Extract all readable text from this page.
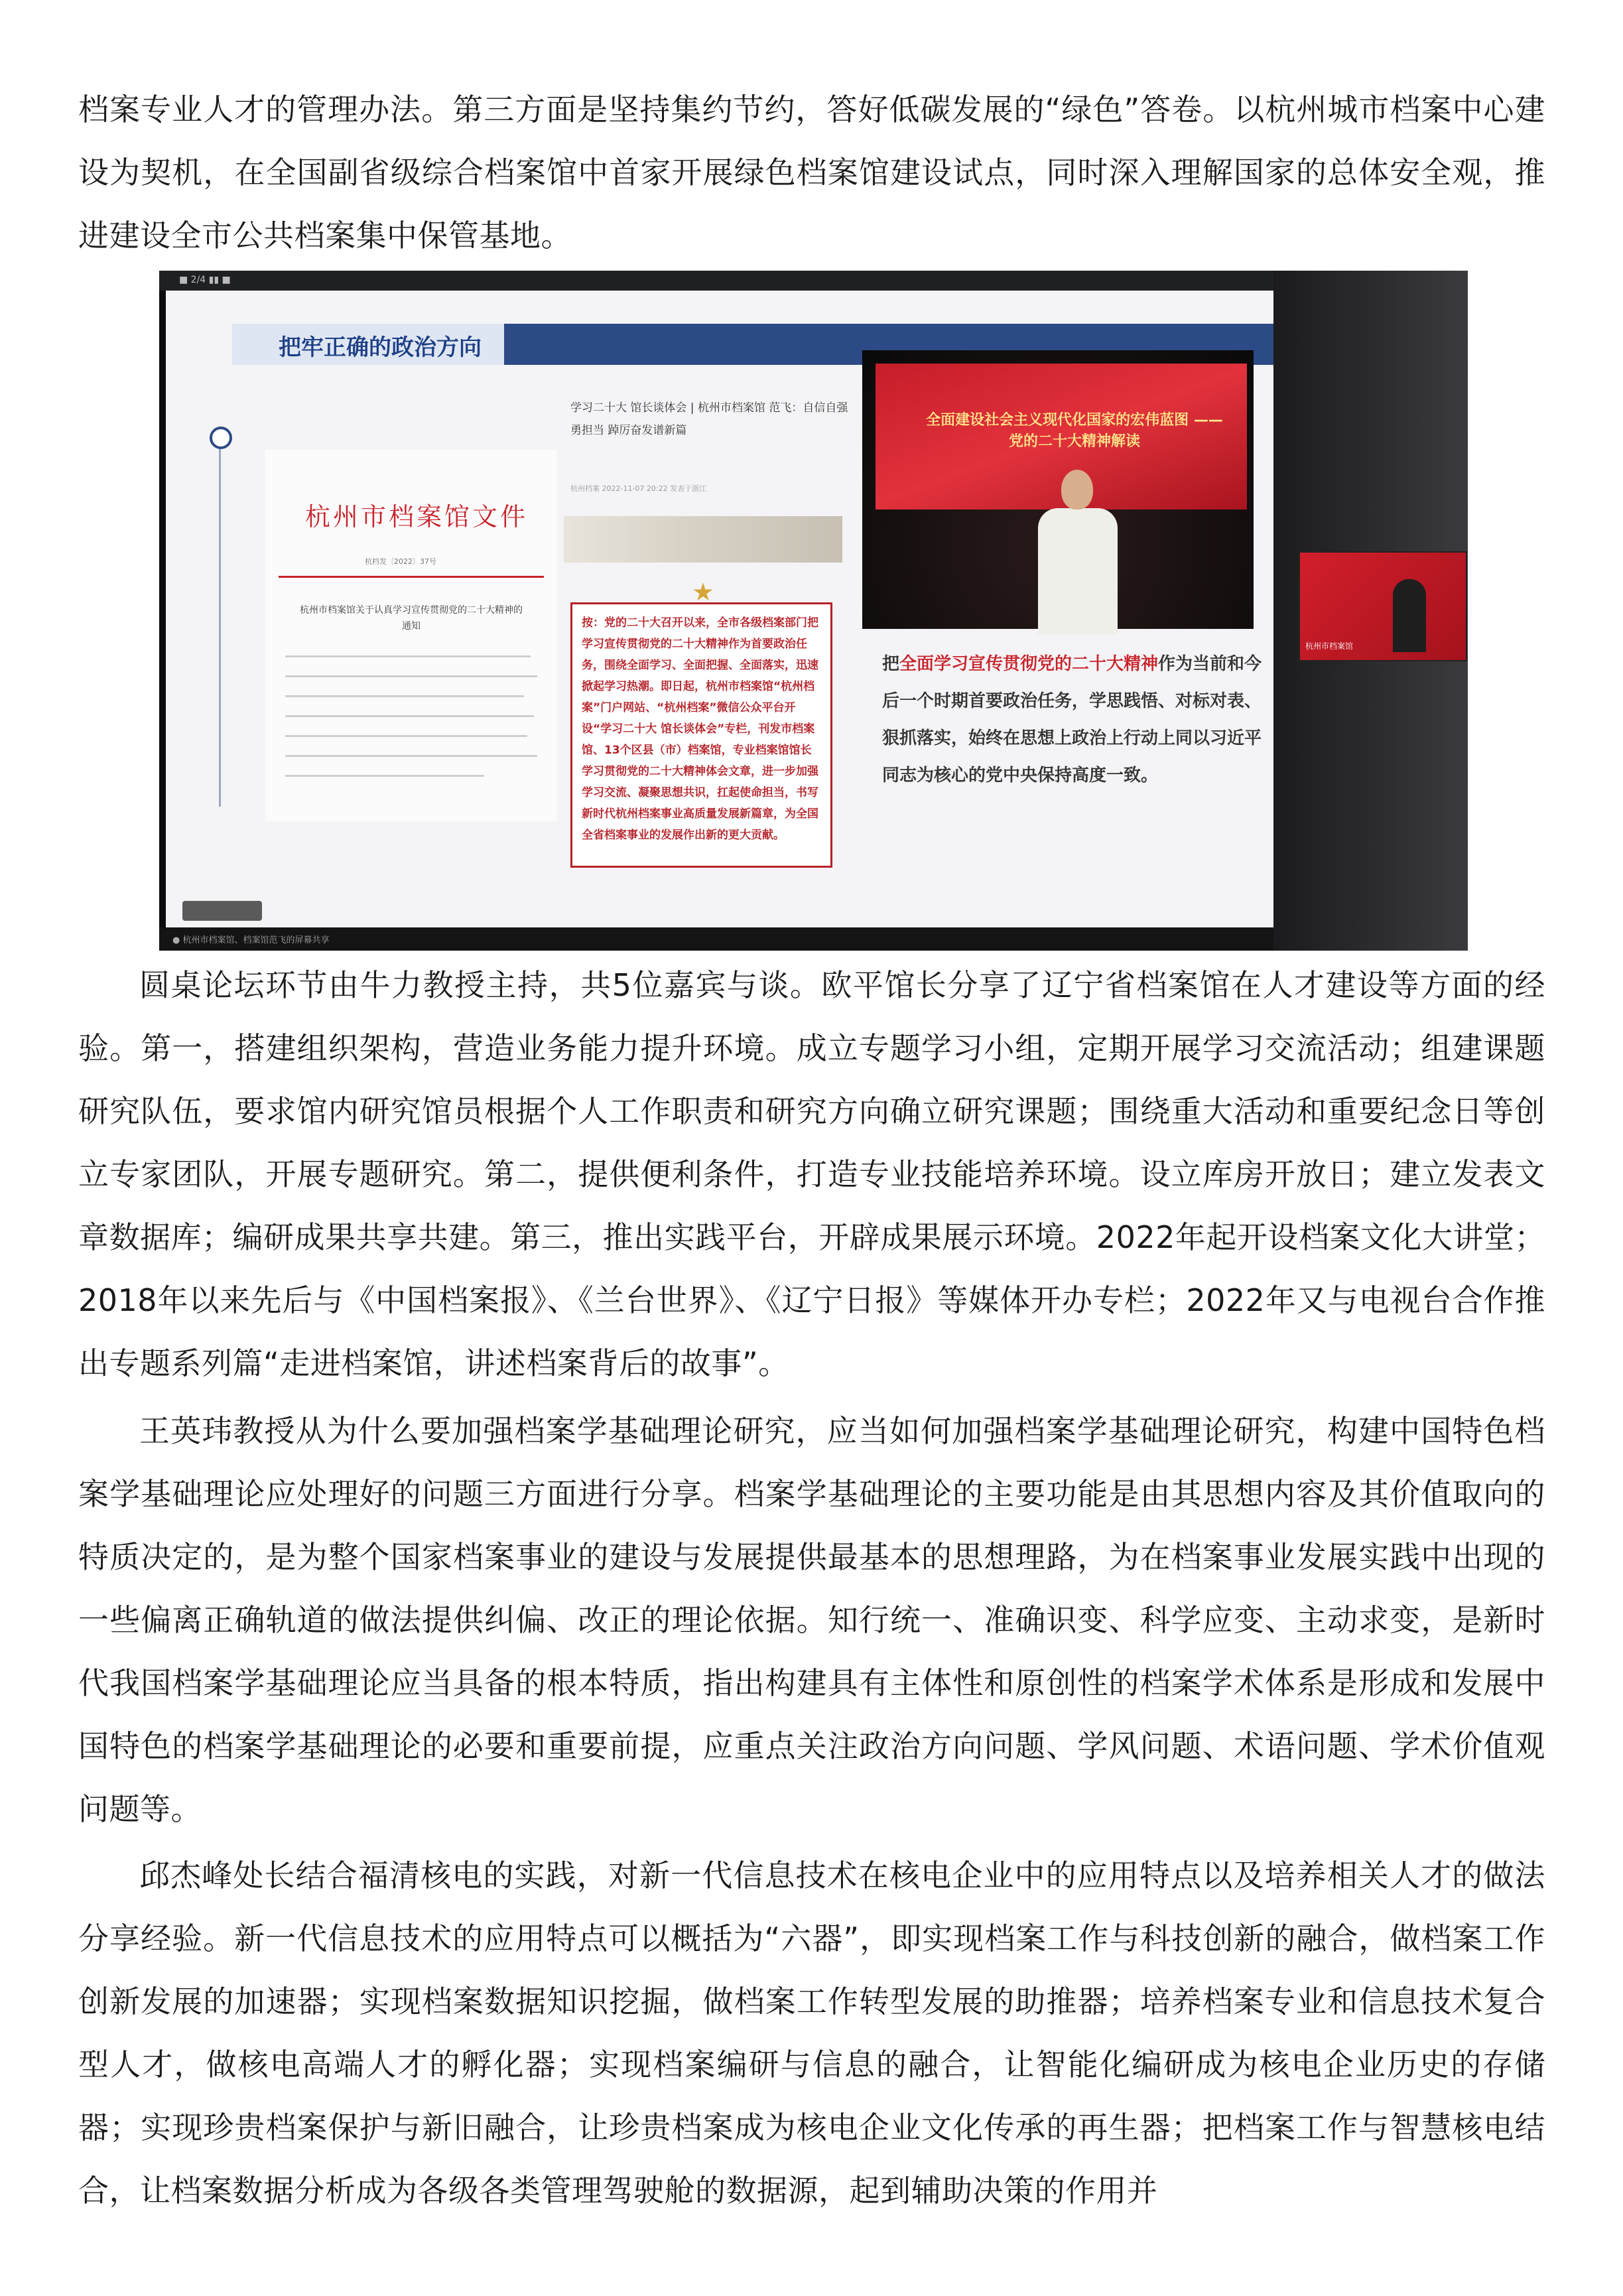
档案专业人才的管理办法。第三方面是坚持集约节约，答好低碳发展的“绿色”答卷。以杭州城市档案中心建设为契机，在全国副省级综合档案馆中首家开展绿色档案馆建设试点，同时深入理解国家的总体安全观，推进建设全市公共档案集中保管基地。

■ 2/4 ▮▮ ■
把牢正确的政治方向
杭州市档案馆文件
杭档发〔2022〕37号
杭州市档案馆关于认真学习宣传贯彻党的二十大精神的通知
学习二十大 馆长谈体会 | 杭州市档案馆 范飞：自信自强勇担当 踔厉奋发谱新篇
杭州档案 2022-11-07 20:22 发表于浙江
按：党的二十大召开以来，全市各级档案部门把学习宣传贯彻党的二十大精神作为首要政治任务，围绕全面学习、全面把握、全面落实，迅速掀起学习热潮。即日起，杭州市档案馆“杭州档案”门户网站、“杭州档案”微信公众平台开设“学习二十大 馆长谈体会”专栏，刊发市档案馆、13个区县（市）档案馆，专业档案馆馆长学习贯彻党的二十大精神体会文章，进一步加强学习交流、凝聚思想共识，扛起使命担当，书写新时代杭州档案事业高质量发展新篇章，为全国全省档案事业的发展作出新的更大贡献。
全面建设社会主义现代化国家的宏伟蓝图 ——党的二十大精神解读
把全面学习宣传贯彻党的二十大精神作为当前和今后一个时期首要政治任务，学思践悟、对标对表、狠抓落实，始终在思想上政治上行动上同以习近平同志为核心的党中央保持高度一致。
● 杭州市档案馆、档案馆范飞的屏幕共享
杭州市档案馆

圆桌论坛环节由牛力教授主持，共5位嘉宾与谈。欧平馆长分享了辽宁省档案馆在人才建设等方面的经验。第一，搭建组织架构，营造业务能力提升环境。成立专题学习小组，定期开展学习交流活动；组建课题研究队伍，要求馆内研究馆员根据个人工作职责和研究方向确立研究课题；围绕重大活动和重要纪念日等创立专家团队，开展专题研究。第二，提供便利条件，打造专业技能培养环境。设立库房开放日；建立发表文章数据库；编研成果共享共建。第三，推出实践平台，开辟成果展示环境。2022年起开设档案文化大讲堂；2018年以来先后与《中国档案报》、《兰台世界》、《辽宁日报》等媒体开办专栏；2022年又与电视台合作推出专题系列篇“走进档案馆，讲述档案背后的故事”。

王英玮教授从为什么要加强档案学基础理论研究，应当如何加强档案学基础理论研究，构建中国特色档案学基础理论应处理好的问题三方面进行分享。档案学基础理论的主要功能是由其思想内容及其价值取向的特质决定的，是为整个国家档案事业的建设与发展提供最基本的思想理路，为在档案事业发展实践中出现的一些偏离正确轨道的做法提供纠偏、改正的理论依据。知行统一、准确识变、科学应变、主动求变，是新时代我国档案学基础理论应当具备的根本特质，指出构建具有主体性和原创性的档案学术体系是形成和发展中国特色的档案学基础理论的必要和重要前提，应重点关注政治方向问题、学风问题、术语问题、学术价值观问题等。

邱杰峰处长结合福清核电的实践，对新一代信息技术在核电企业中的应用特点以及培养相关人才的做法分享经验。新一代信息技术的应用特点可以概括为“六器”，即实现档案工作与科技创新的融合，做档案工作创新发展的加速器；实现档案数据知识挖掘，做档案工作转型发展的助推器；培养档案专业和信息技术复合型人才，做核电高端人才的孵化器；实现档案编研与信息的融合，让智能化编研成为核电企业历史的存储器；实现珍贵档案保护与新旧融合，让珍贵档案成为核电企业文化传承的再生器；把档案工作与智慧核电结合，让档案数据分析成为各级各类管理驾驶舱的数据源，起到辅助决策的作用并
